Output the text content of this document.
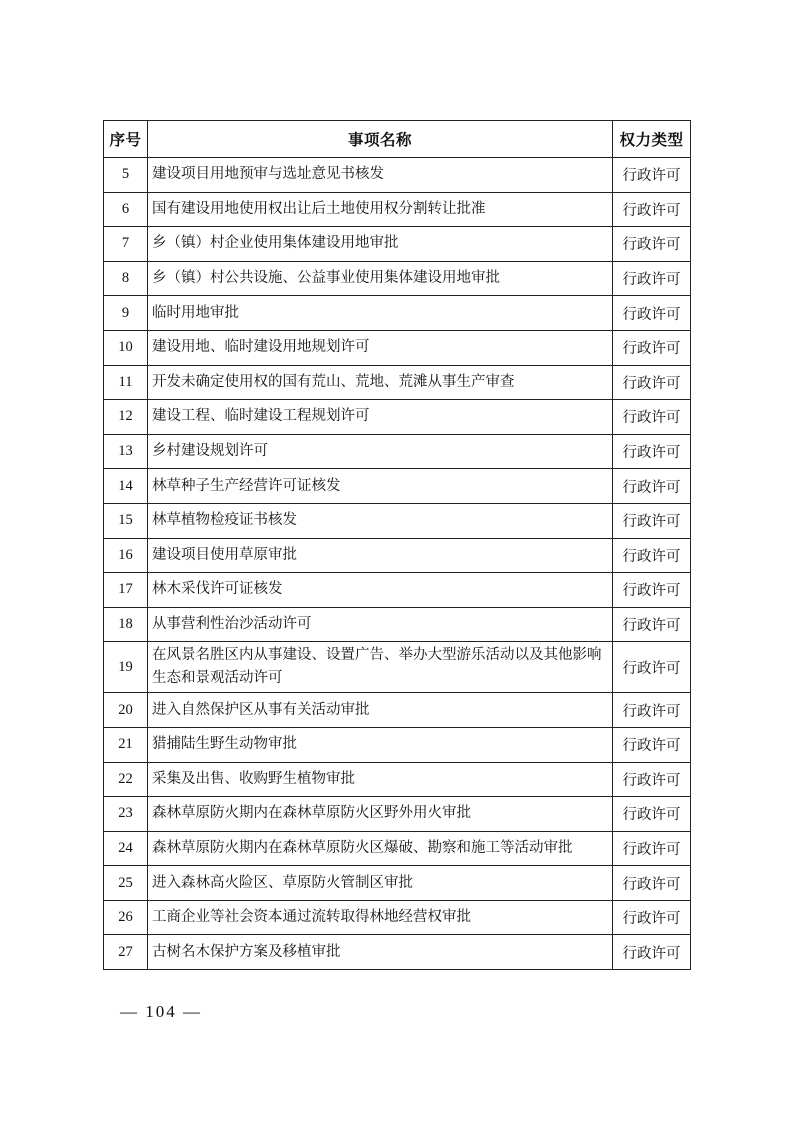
序号	事项名称	权力类型
5	建设项目用地预审与选址意见书核发	行政许可
6	国有建设用地使用权出让后土地使用权分割转让批准	行政许可
7	乡（镇）村企业使用集体建设用地审批	行政许可
8	乡（镇）村公共设施、公益事业使用集体建设用地审批	行政许可
9	临时用地审批	行政许可
10	建设用地、临时建设用地规划许可	行政许可
11	开发未确定使用权的国有荒山、荒地、荒滩从事生产审查	行政许可
12	建设工程、临时建设工程规划许可	行政许可
13	乡村建设规划许可	行政许可
14	林草种子生产经营许可证核发	行政许可
15	林草植物检疫证书核发	行政许可
16	建设项目使用草原审批	行政许可
17	林木采伐许可证核发	行政许可
18	从事营利性治沙活动许可	行政许可
19	在风景名胜区内从事建设、设置广告、举办大型游乐活动以及其他影响生态和景观活动许可	行政许可
20	进入自然保护区从事有关活动审批	行政许可
21	猎捕陆生野生动物审批	行政许可
22	采集及出售、收购野生植物审批	行政许可
23	森林草原防火期内在森林草原防火区野外用火审批	行政许可
24	森林草原防火期内在森林草原防火区爆破、勘察和施工等活动审批	行政许可
25	进入森林高火险区、草原防火管制区审批	行政许可
26	工商企业等社会资本通过流转取得林地经营权审批	行政许可
27	古树名木保护方案及移植审批	行政许可
— 104 —
